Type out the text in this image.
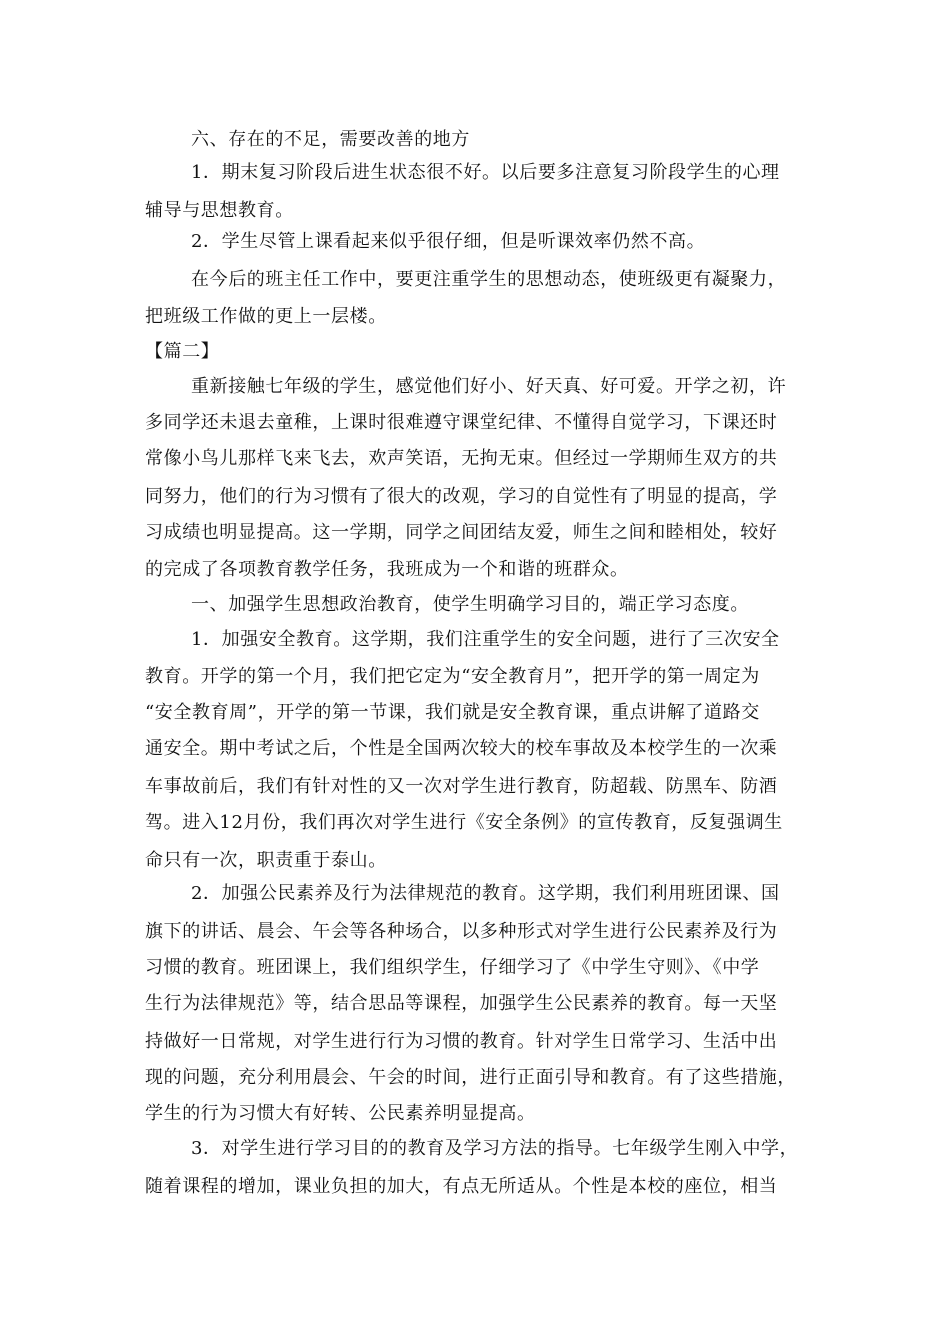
六、存在的不足，需要改善的地方
1．期末复习阶段后进生状态很不好。以后要多注意复习阶段学生的心理
辅导与思想教育。
2．学生尽管上课看起来似乎很仔细，但是听课效率仍然不高。
在今后的班主任工作中，要更注重学生的思想动态，使班级更有凝聚力，
把班级工作做的更上一层楼。
【篇二】
重新接触七年级的学生，感觉他们好小、好天真、好可爱。开学之初，许
多同学还未退去童稚，上课时很难遵守课堂纪律、不懂得自觉学习，下课还时
常像小鸟儿那样飞来飞去，欢声笑语，无拘无束。但经过一学期师生双方的共
同努力，他们的行为习惯有了很大的改观，学习的自觉性有了明显的提高，学
习成绩也明显提高。这一学期，同学之间团结友爱，师生之间和睦相处，较好
的完成了各项教育教学任务，我班成为一个和谐的班群众。
一、加强学生思想政治教育，使学生明确学习目的，端正学习态度。
1．加强安全教育。这学期，我们注重学生的安全问题，进行了三次安全
教育。开学的第一个月，我们把它定为“安全教育月”，把开学的第一周定为
“安全教育周”，开学的第一节课，我们就是安全教育课，重点讲解了道路交
通安全。期中考试之后，个性是全国两次较大的校车事故及本校学生的一次乘
车事故前后，我们有针对性的又一次对学生进行教育，防超载、防黑车、防酒
驾。进入12月份，我们再次对学生进行《安全条例》的宣传教育，反复强调生
命只有一次，职责重于泰山。
2．加强公民素养及行为法律规范的教育。这学期，我们利用班团课、国
旗下的讲话、晨会、午会等各种场合，以多种形式对学生进行公民素养及行为
习惯的教育。班团课上，我们组织学生，仔细学习了《中学生守则》、《中学
生行为法律规范》等，结合思品等课程，加强学生公民素养的教育。每一天坚
持做好一日常规，对学生进行行为习惯的教育。针对学生日常学习、生活中出
现的问题，充分利用晨会、午会的时间，进行正面引导和教育。有了这些措施，
学生的行为习惯大有好转、公民素养明显提高。
3．对学生进行学习目的的教育及学习方法的指导。七年级学生刚入中学，
随着课程的增加，课业负担的加大，有点无所适从。个性是本校的座位，相当
